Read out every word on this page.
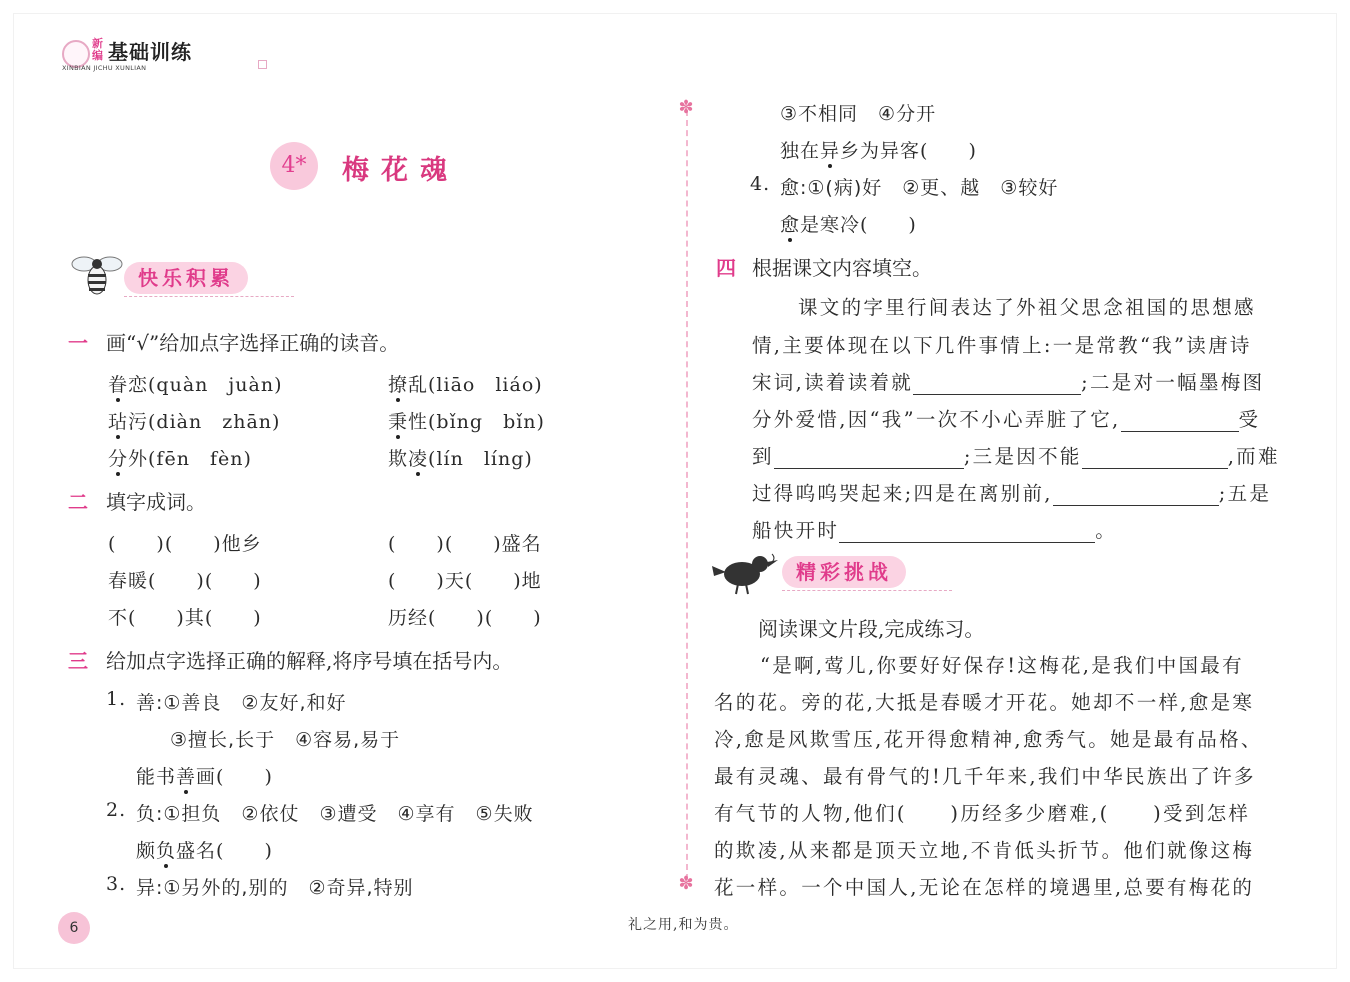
新编 基础训练
XINBIAN JICHU XUNLIAN
4*	梅花魂
快乐积累
一 画“√”给加点字选择正确的读音。
眷恋(quàn　juàn)	撩乱(liāo　liáo)
玷污(diàn　zhān)	秉性(bǐng　bǐn)
分外(fēn　fèn)	欺凌(lín　líng)
二 填字成词。
(　　)(　　)他乡	(　　)(　　)盛名
春暖(　　)(　　)	(　　)天(　　)地
不(　　)其(　　)	历经(　　)(　　)
三 给加点字选择正确的解释,将序号填在括号内。
1. 善:①善良　②友好,和好
③擅长,长于　④容易,易于
能书善画(　　)
2. 负:①担负　②依仗　③遭受　④享有　⑤失败
颇负盛名(　　)
3. 异:①另外的,别的　②奇异,特别
✽
✽
③不相同　④分开
独在异乡为异客(　　)
4. 愈:①(病)好　②更、越　③较好
愈是寒冷(　　)
四 根据课文内容填空。
课文的字里行间表达了外祖父思念祖国的思想感
情,主要体现在以下几件事情上:一是常教“我”读唐诗
宋词,读着读着就	;二是对一幅墨梅图
分外爱惜,因“我”一次不小心弄脏了它,	受
到	;三是因不能	,而难
过得呜呜哭起来;四是在离别前,	;五是
船快开时	。
精彩挑战
阅读课文片段,完成练习。
“是啊,莺儿,你要好好保存!这梅花,是我们中国最有
名的花。旁的花,大抵是春暖才开花。她却不一样,愈是寒
冷,愈是风欺雪压,花开得愈精神,愈秀气。她是最有品格、
最有灵魂、最有骨气的!几千年来,我们中华民族出了许多
有气节的人物,他们(　　)历经多少磨难,(　　)受到怎样
的欺凌,从来都是顶天立地,不肯低头折节。他们就像这梅
花一样。一个中国人,无论在怎样的境遇里,总要有梅花的
6	礼之用,和为贵。
